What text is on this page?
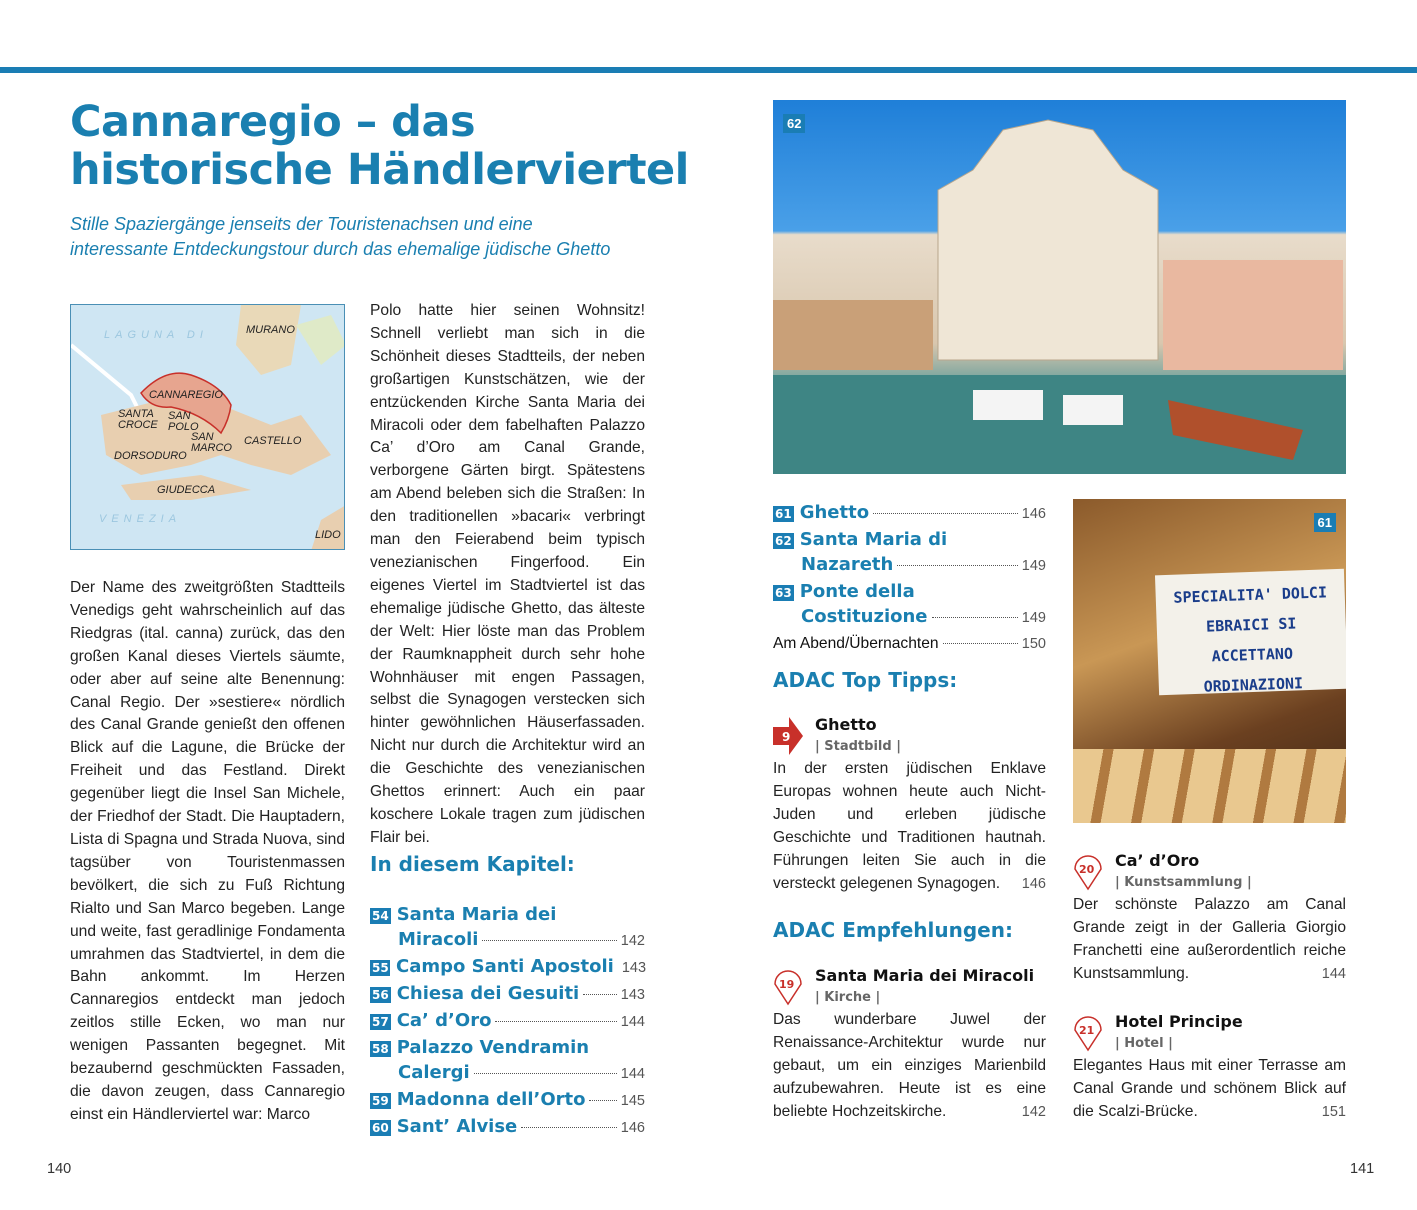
Cannaregio – das historische Händlerviertel
Stille Spaziergänge jenseits der Touristenachsen und eine interessante Entdeckungstour durch das ehemalige jüdische Ghetto
LAGUNA DI	MURANO
CANNAREGIO
SANTA CROCE
SAN POLO
SAN MARCO
CASTELLO
DORSODURO
GIUDECCA
VENEZIA
LIDO
Der Name des zweitgrößten Stadtteils Venedigs geht wahrscheinlich auf das Riedgras (ital. canna) zurück, das den großen Kanal dieses Viertels säumte, oder aber auf seine alte Benennung: Canal Regio. Der »sestiere« nördlich des Canal Grande genießt den offenen Blick auf die Lagune, die Brücke der Freiheit und das Festland. Direkt gegenüber liegt die Insel San Michele, der Friedhof der Stadt. Die Hauptadern, Lista di Spagna und Strada Nuova, sind tagsüber von Touristenmassen bevölkert, die sich zu Fuß Richtung Rialto und San Marco begeben. Lange und weite, fast geradlinige Fondamenta umrahmen das Stadtviertel, in dem die Bahn ankommt. Im Herzen Cannaregios entdeckt man jedoch zeitlos stille Ecken, wo man nur wenigen Passanten begegnet. Mit bezaubernd geschmückten Fassaden, die davon zeugen, dass Cannaregio einst ein Händlerviertel war: Marco
Polo hatte hier seinen Wohnsitz! Schnell verliebt man sich in die Schönheit dieses Stadtteils, der neben großartigen Kunstschätzen, wie der entzückenden Kirche Santa Maria dei Miracoli oder dem fabelhaften Palazzo Ca’ d’Oro am Canal Grande, verborgene Gärten birgt. Spätestens am Abend beleben sich die Straßen: In den traditionellen »bacari« verbringt man den Feierabend beim typisch venezianischen Fingerfood. Ein eigenes Viertel im Stadtviertel ist das ehemalige jüdische Ghetto, das älteste der Welt: Hier löste man das Problem der Raumknappheit durch sehr hohe Wohnhäuser mit engen Passagen, selbst die Synagogen verstecken sich hinter gewöhnlichen Häuserfassaden. Nicht nur durch die Architektur wird an die Geschichte des venezianischen Ghettos erinnert: Auch ein paar koschere Lokale tragen zum jüdischen Flair bei.
In diesem Kapitel:
54 Santa Maria dei
Miracoli	142
55 Campo Santi Apostoli 143
56 Chiesa dei Gesuiti	143
57 Ca’ d’Oro	144
58 Palazzo Vendramin
Calergi	144
59 Madonna dell’Orto 145
60 Sant’ Alvise	146
62
61 Ghetto	146
62 Santa Maria di
Nazareth	149
63 Ponte della
Costituzione	149
Am Abend/Übernachten	150
ADAC Top Tipps:
9
Ghetto
| Stadtbild |
In der ersten jüdischen Enklave Europas wohnen heute auch Nicht-Juden und erleben jüdische Geschichte und Traditionen hautnah. Führungen leiten Sie auch in die versteckt gelegenen Synagogen. 146
ADAC Empfehlungen:
19	Santa Maria dei Miracoli
| Kirche |
Das wunderbare Juwel der Renaissance-Architektur wurde nur gebaut, um ein einziges Marienbild aufzubewahren. Heute ist es eine beliebte Hochzeitskirche.	142
SPECIALITA' DOLCI EBRAICI SI ACCETTANO ORDINAZIONI
61
20	Ca’ d’Oro
| Kunstsammlung |
Der schönste Palazzo am Canal Grande zeigt in der Galleria Giorgio Franchetti eine außerordentlich reiche Kunstsammlung.	144
21	Hotel Principe
| Hotel |
Elegantes Haus mit einer Terrasse am Canal Grande und schönem Blick auf die Scalzi-Brücke.	151
140	141
